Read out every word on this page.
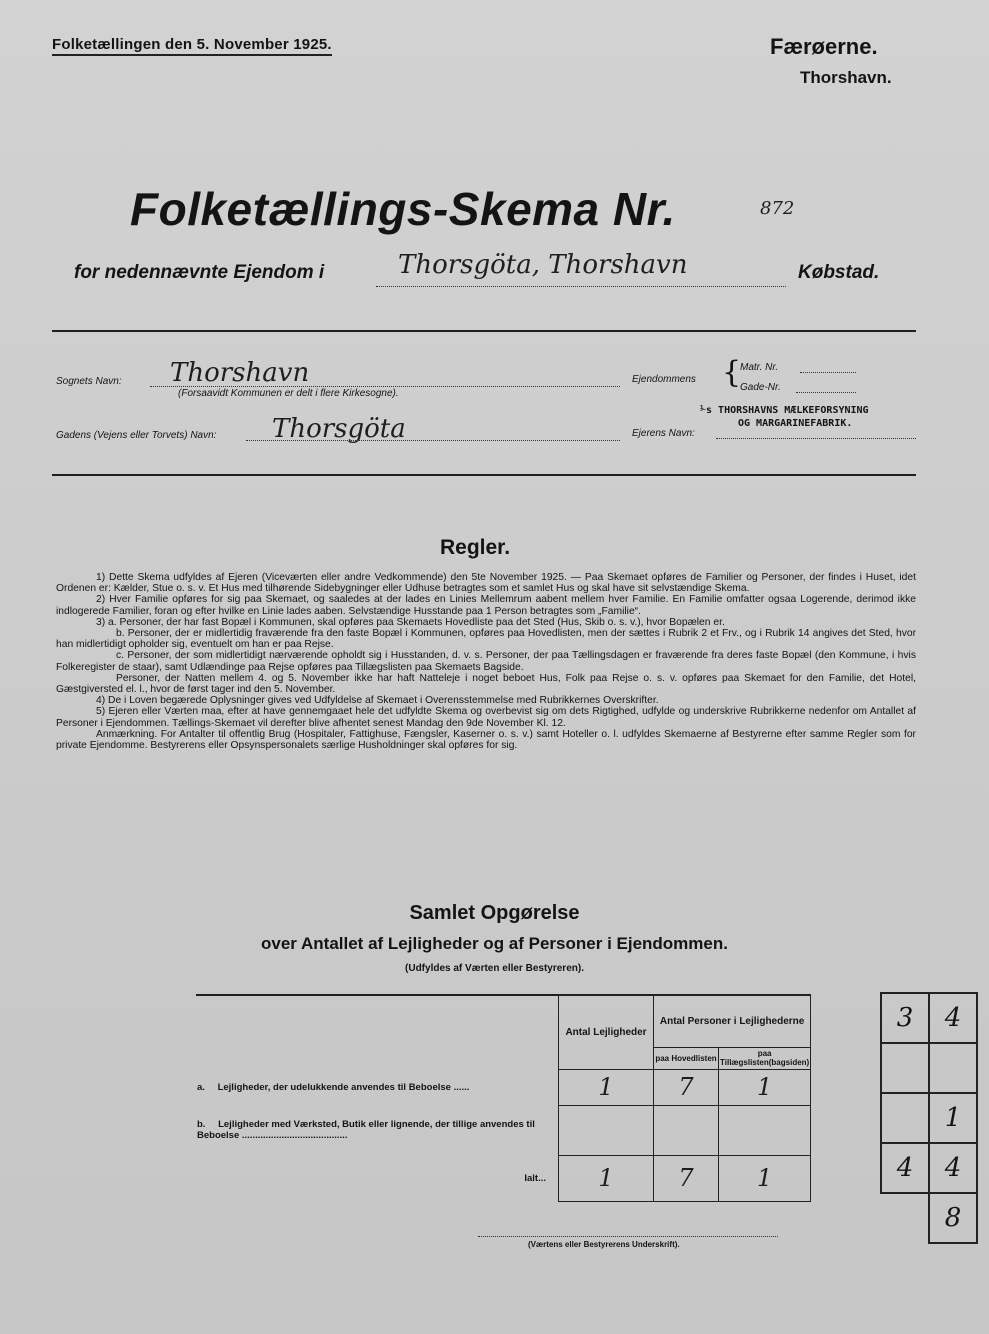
Folketællingen den 5. November 1925.	Færøerne.
Thorshavn.
Folketællings-Skema Nr.	872
for nedennævnte Ejendom i	Thorsgöta, Thorshavn	Købstad.
Sognets Navn: Thorshavn
(Forsaavidt Kommunen er delt i flere Kirkesogne).
Gadens (Vejens eller Torvets) Navn: Thorsgöta
Ejendommens {
Matr. Nr.
Gade-Nr.
⅟s THORSHAVNS MÆLKEFORSYNING
OG MARGARINEFABRIK.
Ejerens Navn:
Regler.

1) Dette Skema udfyldes af Ejeren (Viceværten eller andre Vedkommende) den 5te November 1925. — Paa Skemaet opføres de Familier og Personer, der findes i Huset, idet Ordenen er: Kælder, Stue o. s. v. Et Hus med tilhørende Sidebygninger eller Udhuse betragtes som et samlet Hus og skal have sit selvstændige Skema.

2) Hver Familie opføres for sig paa Skemaet, og saaledes at der lades en Linies Mellemrum aabent mellem hver Familie. En Familie omfatter ogsaa Logerende, derimod ikke indlogerede Familier, foran og efter hvilke en Linie lades aaben. Selvstændige Husstande paa 1 Person betragtes som „Familie“.

3) a. Personer, der har fast Bopæl i Kommunen, skal opføres paa Skemaets Hovedliste paa det Sted (Hus, Skib o. s. v.), hvor Bopælen er.

b. Personer, der er midlertidig fraværende fra den faste Bopæl i Kommunen, opføres paa Hovedlisten, men der sættes i Rubrik 2 et Frv., og i Rubrik 14 angives det Sted, hvor han midlertidigt opholder sig, eventuelt om han er paa Rejse.

c. Personer, der som midlertidigt nærværende opholdt sig i Husstanden, d. v. s. Personer, der paa Tællingsdagen er fraværende fra deres faste Bopæl (den Kommune, i hvis Folkeregister de staar), samt Udlændinge paa Rejse opføres paa Tillægslisten paa Skemaets Bagside.

Personer, der Natten mellem 4. og 5. November ikke har haft Natteleje i noget beboet Hus, Folk paa Rejse o. s. v. opføres paa Skemaet for den Familie, det Hotel, Gæstgiversted el. l., hvor de først tager ind den 5. November.

4) De i Loven begærede Oplysninger gives ved Udfyldelse af Skemaet i Overensstemmelse med Rubrikkernes Overskrifter.

5) Ejeren eller Værten maa, efter at have gennemgaaet hele det udfyldte Skema og overbevist sig om dets Rigtighed, udfylde og underskrive Rubrikkerne nedenfor om Antallet af Personer i Ejendommen. Tællings-Skemaet vil derefter blive afhentet senest Mandag den 9de November Kl. 12.

Anmærkning. For Antalter til offentlig Brug (Hospitaler, Fattighuse, Fængsler, Kaserner o. s. v.) samt Hoteller o. l. udfyldes Skemaerne af Bestyrerne efter samme Regler som for private Ejendomme. Bestyrerens eller Opsynspersonalets særlige Husholdninger skal opføres for sig.

Samlet Opgørelse
over Antallet af Lejligheder og af Personer i Ejendommen.
(Udfyldes af Værten eller Bestyreren).
	Antal Lejligheder	Antal Personer i Lejlighederne	
		paa Hovedlisten	paa Tillægslisten(bagsiden)
a. Lejligheder, der udelukkende anvendes til Beboelse ......	1	7	1
b. Lejligheder med Værksted, Butik eller lignende, der tillige anvendes til Beboelse ........................................			
Ialt...	1	7	1
3	4

	1
4	4
	8
(Værtens eller Bestyrerens Underskrift).
